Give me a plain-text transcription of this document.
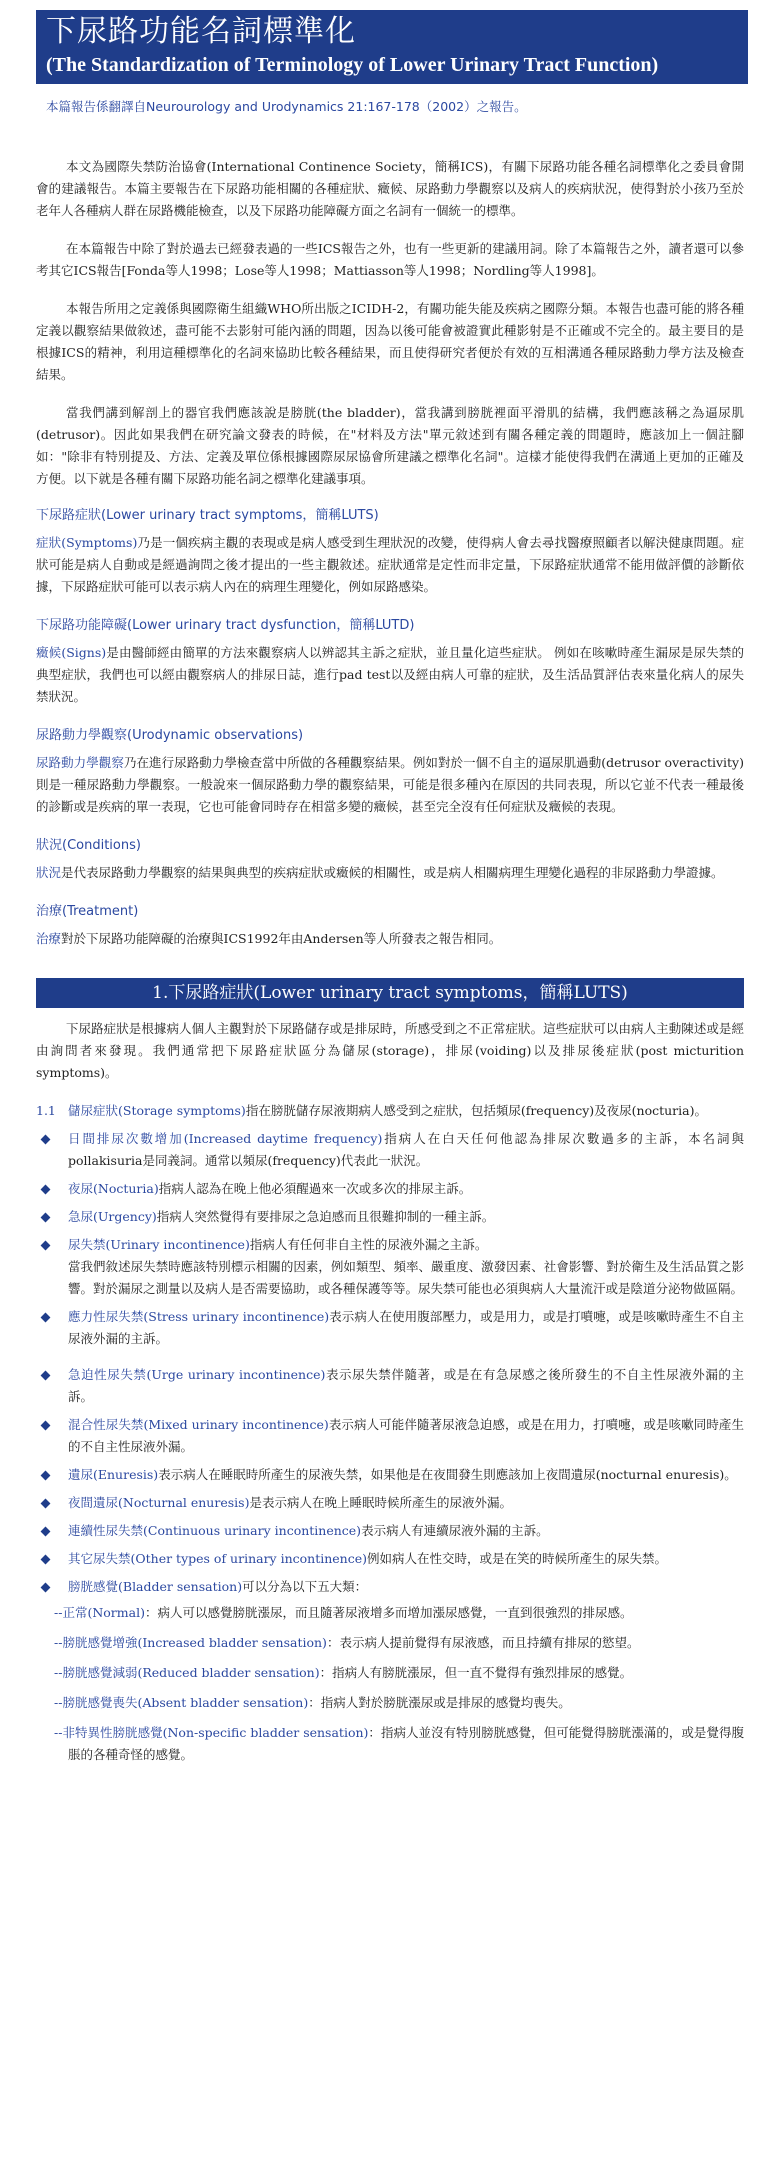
下尿路功能名詞標準化
(The Standardization of Terminology of Lower Urinary Tract Function)
本篇報告係翻譯自Neurourology and Urodynamics 21:167-178（2002）之報告。

本文為國際失禁防治協會(International Continence Society，簡稱ICS)，有關下尿路功能各種名詞標準化之委員會開會的建議報告。本篇主要報告在下尿路功能相關的各種症狀、癥候、尿路動力學觀察以及病人的疾病狀況，使得對於小孩乃至於老年人各種病人群在尿路機能檢查，以及下尿路功能障礙方面之名詞有一個統一的標準。

在本篇報告中除了對於過去已經發表過的一些ICS報告之外，也有一些更新的建議用詞。除了本篇報告之外，讀者還可以參考其它ICS報告[Fonda等人1998；Lose等人1998；Mattiasson等人1998；Nordling等人1998]。

本報告所用之定義係與國際衛生組織WHO所出版之ICIDH-2，有關功能失能及疾病之國際分類。本報告也盡可能的將各種定義以觀察結果做敘述，盡可能不去影射可能內涵的問題，因為以後可能會被證實此種影射是不正確或不完全的。最主要目的是根據ICS的精神，利用這種標準化的名詞來協助比較各種結果，而且使得研究者便於有效的互相溝通各種尿路動力學方法及檢查結果。

當我們講到解剖上的器官我們應該說是膀胱(the bladder)，當我講到膀胱裡面平滑肌的結構，我們應該稱之為逼尿肌(detrusor)。因此如果我們在研究論文發表的時候，在"材料及方法"單元敘述到有關各種定義的問題時，應該加上一個註腳如："除非有特別提及、方法、定義及單位係根據國際尿尿協會所建議之標準化名詞"。這樣才能使得我們在溝通上更加的正確及方便。以下就是各種有關下尿路功能名詞之標準化建議事項。

下尿路症狀(Lower urinary tract symptoms，簡稱LUTS)
症狀(Symptoms)乃是一個疾病主觀的表現或是病人感受到生理狀況的改變，使得病人會去尋找醫療照顧者以解決健康問題。症狀可能是病人自動或是經過詢問之後才提出的一些主觀敘述。症狀通常是定性而非定量，下尿路症狀通常不能用做評價的診斷依據，下尿路症狀可能可以表示病人內在的病理生理變化，例如尿路感染。
下尿路功能障礙(Lower urinary tract dysfunction，簡稱LUTD)
癥候(Signs)是由醫師經由簡單的方法來觀察病人以辨認其主訴之症狀，並且量化這些症狀。 例如在咳嗽時產生漏尿是尿失禁的典型症狀，我們也可以經由觀察病人的排尿日誌，進行pad test以及經由病人可靠的症狀，及生活品質評估表來量化病人的尿失禁狀況。
尿路動力學觀察(Urodynamic observations)
尿路動力學觀察乃在進行尿路動力學檢查當中所做的各種觀察結果。例如對於一個不自主的逼尿肌過動(detrusor overactivity)則是一種尿路動力學觀察。一般說來一個尿路動力學的觀察結果，可能是很多種內在原因的共同表現，所以它並不代表一種最後的診斷或是疾病的單一表現，它也可能會同時存在相當多變的癥候，甚至完全沒有任何症狀及癥候的表現。
狀況(Conditions)
狀況是代表尿路動力學觀察的結果與典型的疾病症狀或癥候的相關性，或是病人相關病理生理變化過程的非尿路動力學證據。
治療(Treatment)
治療對於下尿路功能障礙的治療與ICS1992年由Andersen等人所發表之報告相同。
1.下尿路症狀(Lower urinary tract symptoms，簡稱LUTS)

下尿路症狀是根據病人個人主觀對於下尿路儲存或是排尿時，所感受到之不正常症狀。這些症狀可以由病人主動陳述或是經由詢問者來發現。我們通常把下尿路症狀區分為儲尿(storage)，排尿(voiding)以及排尿後症狀(post micturition symptoms)。

1.1 儲尿症狀(Storage symptoms)指在膀胱儲存尿液期病人感受到之症狀，包括頻尿(frequency)及夜尿(nocturia)。
日間排尿次數增加(Increased daytime frequency)指病人在白天任何他認為排尿次數過多的主訴，本名詞與pollakisuria是同義詞。通常以頻尿(frequency)代表此一狀況。
夜尿(Nocturia)指病人認為在晚上他必須醒過來一次或多次的排尿主訴。
急尿(Urgency)指病人突然覺得有要排尿之急迫感而且很難抑制的一種主訴。
尿失禁(Urinary incontinence)指病人有任何非自主性的尿液外漏之主訴。
當我們敘述尿失禁時應該特別標示相關的因素，例如類型、頻率、嚴重度、激發因素、社會影響、對於衛生及生活品質之影響。對於漏尿之測量以及病人是否需要協助，或各種保護等等。尿失禁可能也必須與病人大量流汗或是陰道分泌物做區隔。
應力性尿失禁(Stress urinary incontinence)表示病人在使用腹部壓力，或是用力，或是打噴嚏，或是咳嗽時產生不自主尿液外漏的主訴。
急迫性尿失禁(Urge urinary incontinence)表示尿失禁伴隨著，或是在有急尿感之後所發生的不自主性尿液外漏的主訴。
混合性尿失禁(Mixed urinary incontinence)表示病人可能伴隨著尿液急迫感，或是在用力，打噴嚏，或是咳嗽同時產生的不自主性尿液外漏。
遺尿(Enuresis)表示病人在睡眠時所產生的尿液失禁，如果他是在夜間發生則應該加上夜間遺尿(nocturnal enuresis)。
夜間遺尿(Nocturnal enuresis)是表示病人在晚上睡眠時候所產生的尿液外漏。
連續性尿失禁(Continuous urinary incontinence)表示病人有連續尿液外漏的主訴。
其它尿失禁(Other types of urinary incontinence)例如病人在性交時，或是在笑的時候所產生的尿失禁。
膀胱感覺(Bladder sensation)可以分為以下五大類：
--正常(Normal)：病人可以感覺膀胱漲尿，而且隨著尿液增多而增加漲尿感覺，一直到很強烈的排尿感。
--膀胱感覺增強(Increased bladder sensation)：表示病人提前覺得有尿液感，而且持續有排尿的慾望。
--膀胱感覺減弱(Reduced bladder sensation)：指病人有膀胱漲尿，但一直不覺得有強烈排尿的感覺。
--膀胱感覺喪失(Absent bladder sensation)：指病人對於膀胱漲尿或是排尿的感覺均喪失。
--非特異性膀胱感覺(Non-specific bladder sensation)：指病人並沒有特別膀胱感覺，但可能覺得膀胱漲滿的，或是覺得腹脹的各種奇怪的感覺。
